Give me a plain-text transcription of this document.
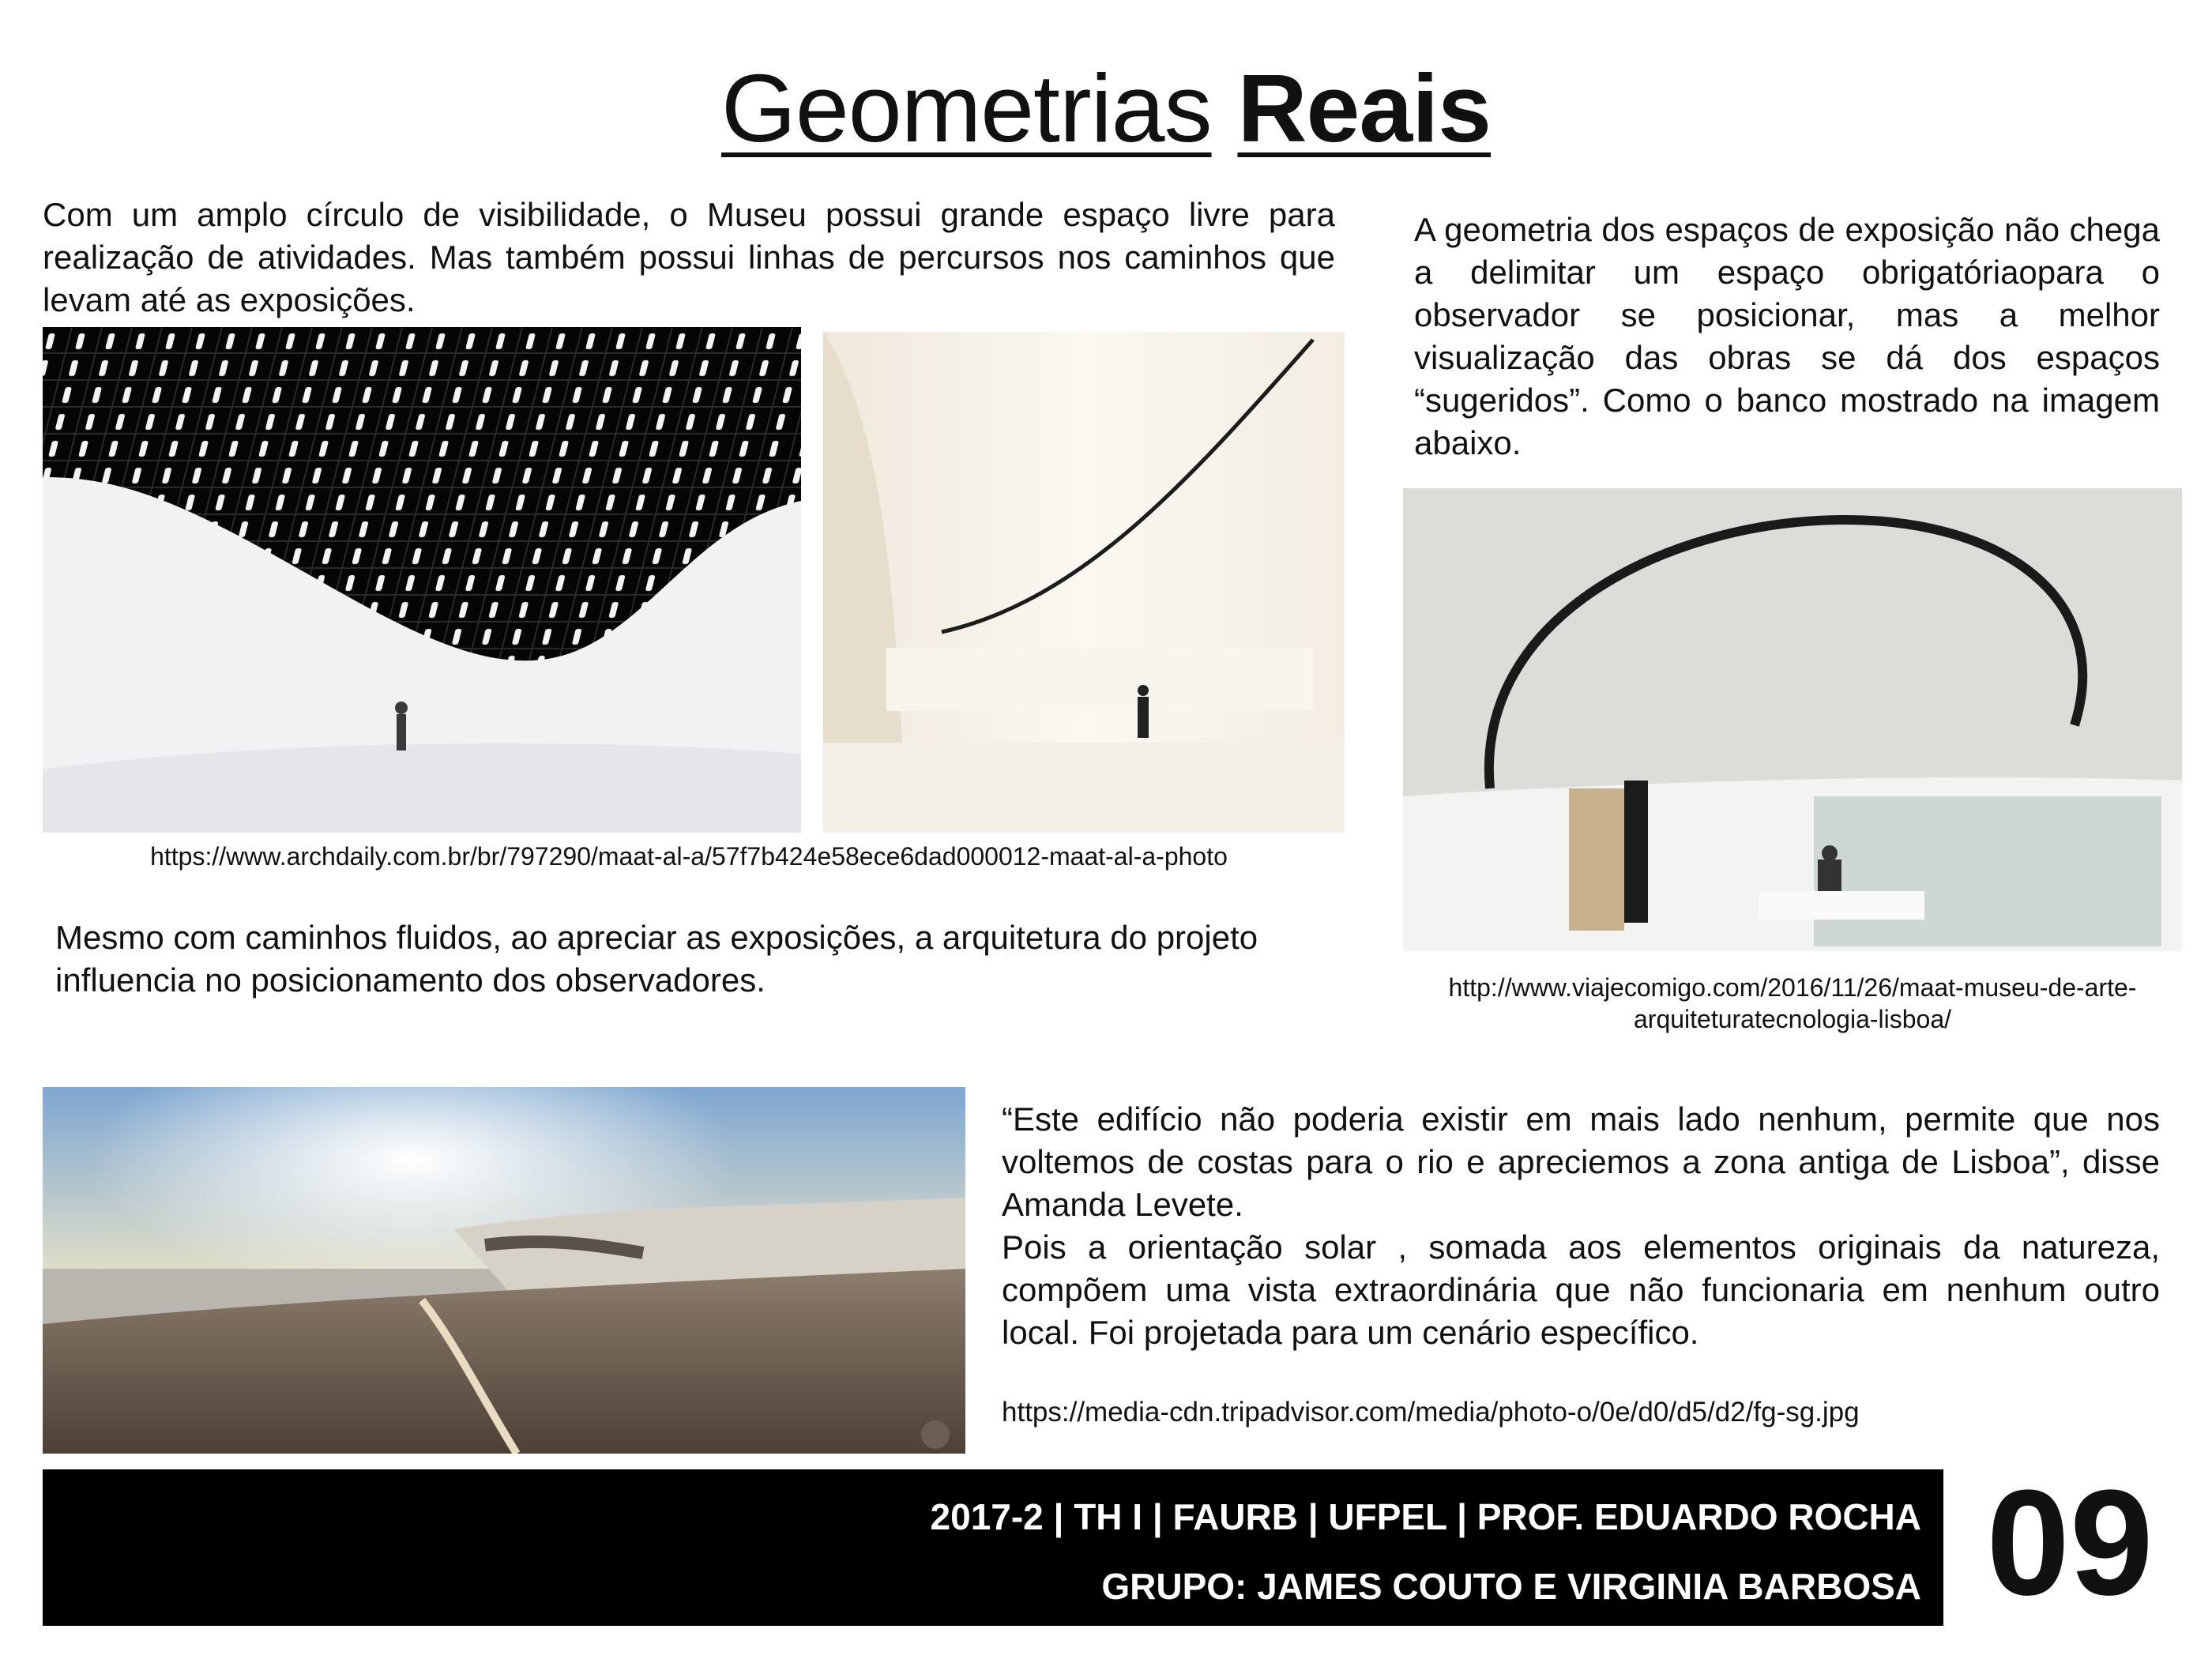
Geometrias Reais
Com um amplo círculo de visibilidade, o Museu possui grande espaço livre para realização de atividades. Mas também possui linhas de percursos nos caminhos que levam até as exposições.
A geometria dos espaços de exposição não chega a delimitar um espaço obrigatóriaopara o observador se posicionar, mas a melhor visualização das obras se dá dos espaços “sugeridos”. Como o banco mostrado na imagem abaixo.
https://www.archdaily.com.br/br/797290/maat-al-a/57f7b424e58ece6dad000012-maat-al-a-photo
http://www.viajecomigo.com/2016/11/26/maat-museu-de-arte-arquiteturatecnologia-lisboa/
Mesmo com caminhos fluidos, ao apreciar as exposições, a arquitetura do projeto influencia no posicionamento dos observadores.
“Este edifício não poderia existir em mais lado nenhum, permite que nos voltemos de costas para o rio e apreciemos a zona antiga de Lisboa”, disse Amanda Levete.
Pois a orientação solar , somada aos elementos originais da natureza, compõem uma vista extraordinária que não funcionaria em nenhum outro local. Foi projetada para um cenário específico.
https://media-cdn.tripadvisor.com/media/photo-o/0e/d0/d5/d2/fg-sg.jpg
2017-2 | TH I | FAURB | UFPEL | PROF. EDUARDO ROCHA
GRUPO: JAMES COUTO E VIRGINIA BARBOSA 09
